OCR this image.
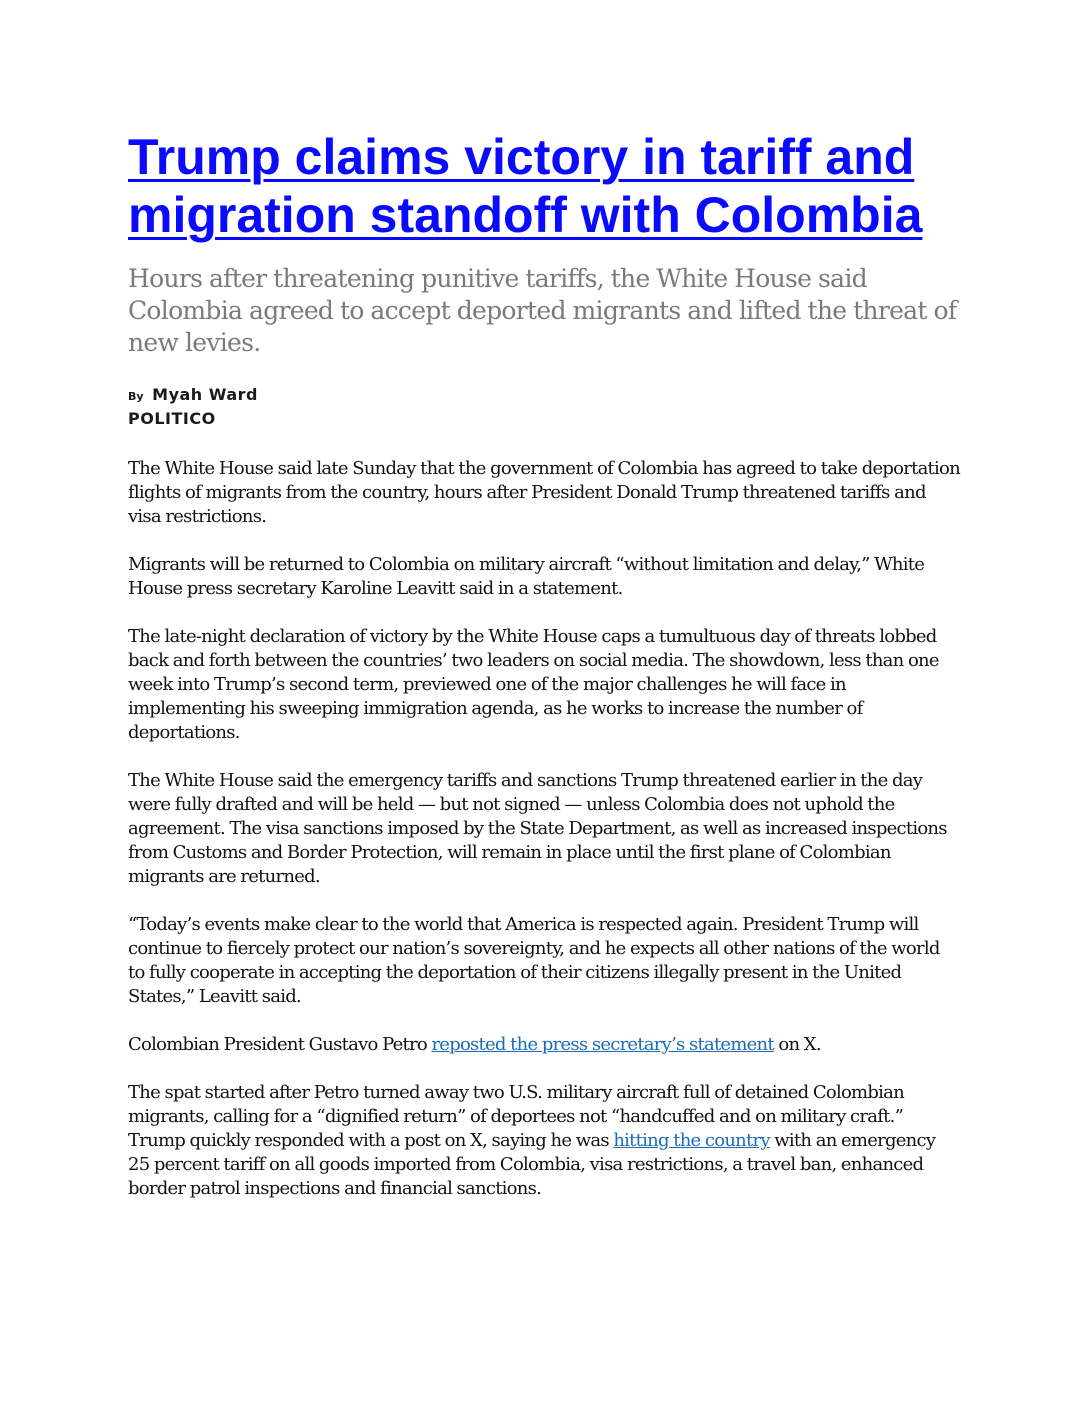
Trump claims victory in tariff and migration standoff with Colombia

Hours after threatening punitive tariffs, the White House said Colombia agreed to accept deported migrants and lifted the threat of new levies.

By Myah Ward
POLITICO

The White House said late Sunday that the government of Colombia has agreed to take deportation flights of migrants from the country, hours after President Donald Trump threatened tariffs and visa restrictions.

Migrants will be returned to Colombia on military aircraft “without limitation and delay,” White House press secretary Karoline Leavitt said in a statement.

The late-night declaration of victory by the White House caps a tumultuous day of threats lobbed back and forth between the countries’ two leaders on social media. The showdown, less than one week into Trump’s second term, previewed one of the major challenges he will face in implementing his sweeping immigration agenda, as he works to increase the number of deportations.

The White House said the emergency tariffs and sanctions Trump threatened earlier in the day were fully drafted and will be held — but not signed — unless Colombia does not uphold the agreement. The visa sanctions imposed by the State Department, as well as increased inspections from Customs and Border Protection, will remain in place until the first plane of Colombian migrants are returned.

“Today’s events make clear to the world that America is respected again. President Trump will continue to fiercely protect our nation’s sovereignty, and he expects all other nations of the world to fully cooperate in accepting the deportation of their citizens illegally present in the United States,” Leavitt said.

Colombian President Gustavo Petro reposted the press secretary’s statement on X.

The spat started after Petro turned away two U.S. military aircraft full of detained Colombian migrants, calling for a “dignified return” of deportees not “handcuffed and on military craft.” Trump quickly responded with a post on X, saying he was hitting the country with an emergency 25 percent tariff on all goods imported from Colombia, visa restrictions, a travel ban, enhanced border patrol inspections and financial sanctions.
